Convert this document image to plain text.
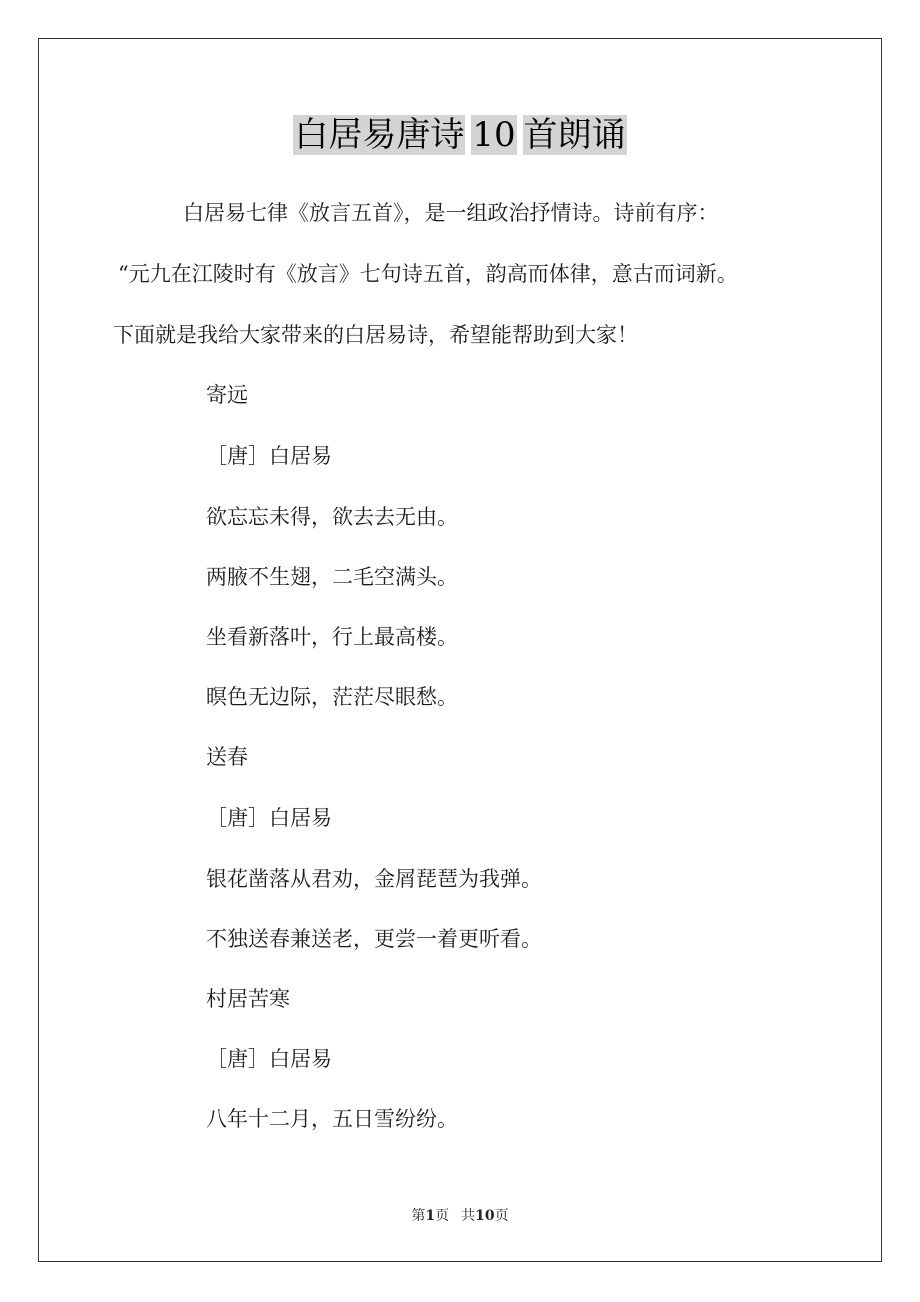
白居易唐诗 10 首朗诵
白居易七律《放言五首》，是一组政治抒情诗。诗前有序：
“元九在江陵时有《放言》七句诗五首，韵高而体律，意古而词新。
下面就是我给大家带来的白居易诗，希望能帮助到大家！
寄远
［唐］白居易
欲忘忘未得，欲去去无由。
两腋不生翅，二毛空满头。
坐看新落叶，行上最高楼。
暝色无边际，茫茫尽眼愁。
送春
［唐］白居易
银花凿落从君劝，金屑琵琶为我弹。
不独送春兼送老，更尝一着更听看。
村居苦寒
［唐］白居易
八年十二月，五日雪纷纷。
第1页 共10页
